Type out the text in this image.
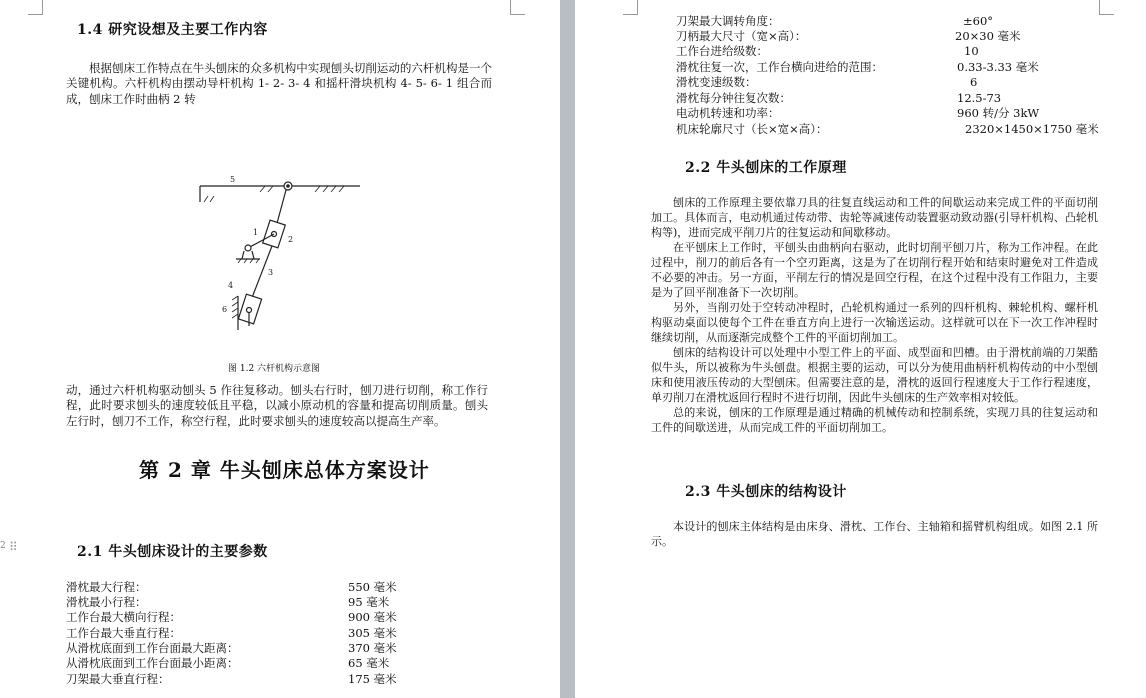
1.4 研究设想及主要工作内容

根据刨床工作特点在牛头刨床的众多机构中实现刨头切削运动的六杆机构是一个关键机构。六杆机构由摆动导杆机构 1- 2- 3- 4 和摇杆滑块机构 4- 5- 6- 1 组合而成，刨床工作时曲柄 2 转

5
1
2
3
4
6
图 1.2 六杆机构示意图

动，通过六杆机构驱动刨头 5 作往复移动。刨头右行时，刨刀进行切削，称工作行程，此时要求刨头的速度较低且平稳，以减小原动机的容量和提高切削质量。刨头左行时，刨刀不工作，称空行程，此时要求刨头的速度较高以提高生产率。

第 2 章 牛头刨床总体方案设计
2.1 牛头刨床设计的主要参数
滑枕最大行程：	550 毫米
滑枕最小行程：	95 毫米
工作台最大横向行程：	900 毫米
工作台最大垂直行程：	305 毫米
从滑枕底面到工作台面最大距离：	370 毫米
从滑枕底面到工作台面最小距离：	65 毫米
刀架最大垂直行程：	175 毫米
2 ⠿
刀架最大调转角度：	±60°
刀柄最大尺寸（宽×高）：	20×30 毫米
工作台进给级数：	10
滑枕往复一次，工作台横向进给的范围：	0.33-3.33 毫米
滑枕变速级数：	6
滑枕每分钟往复次数：	12.5-73
电动机转速和功率：	960 转/分 3kW
机床轮廓尺寸（长×宽×高）：	2320×1450×1750 毫米
2.2 牛头刨床的工作原理

刨床的工作原理主要依靠刀具的往复直线运动和工件的间歇运动来完成工件的平面切削加工。具体而言，电动机通过传动带、齿轮等减速传动装置驱动致动器(引导杆机构、凸轮机构等)，进而完成平削刀片的往复运动和间歇移动。

在平刨床上工作时，平刨头由曲柄向右驱动，此时切削平刨刀片，称为工作冲程。在此过程中，削刀的前后各有一个空刃距离，这是为了在切削行程开始和结束时避免对工件造成不必要的冲击。另一方面，平削左行的情况是回空行程，在这个过程中没有工作阻力，主要是为了回平削准备下一次切削。

另外，当削刃处于空转动冲程时，凸轮机构通过一系列的四杆机构、棘轮机构、螺杆机构驱动桌面以使每个工件在垂直方向上进行一次输送运动。这样就可以在下一次工作冲程时继续切削，从而逐渐完成整个工件的平面切削加工。

刨床的结构设计可以处理中小型工件上的平面、成型面和凹槽。由于滑枕前端的刀架酷似牛头，所以被称为牛头刨盘。根据主要的运动，可以分为使用曲柄杆机构传动的中小型刨床和使用液压传动的大型刨床。但需要注意的是，滑枕的返回行程速度大于工作行程速度，单刃削刀在滑枕返回行程时不进行切削，因此牛头刨床的生产效率相对较低。

总的来说，刨床的工作原理是通过精确的机械传动和控制系统，实现刀具的往复运动和工件的间歇送进，从而完成工件的平面切削加工。

2.3 牛头刨床的结构设计

本设计的刨床主体结构是由床身、滑枕、工作台、主轴箱和摇臂机构组成。如图 2.1 所示。
